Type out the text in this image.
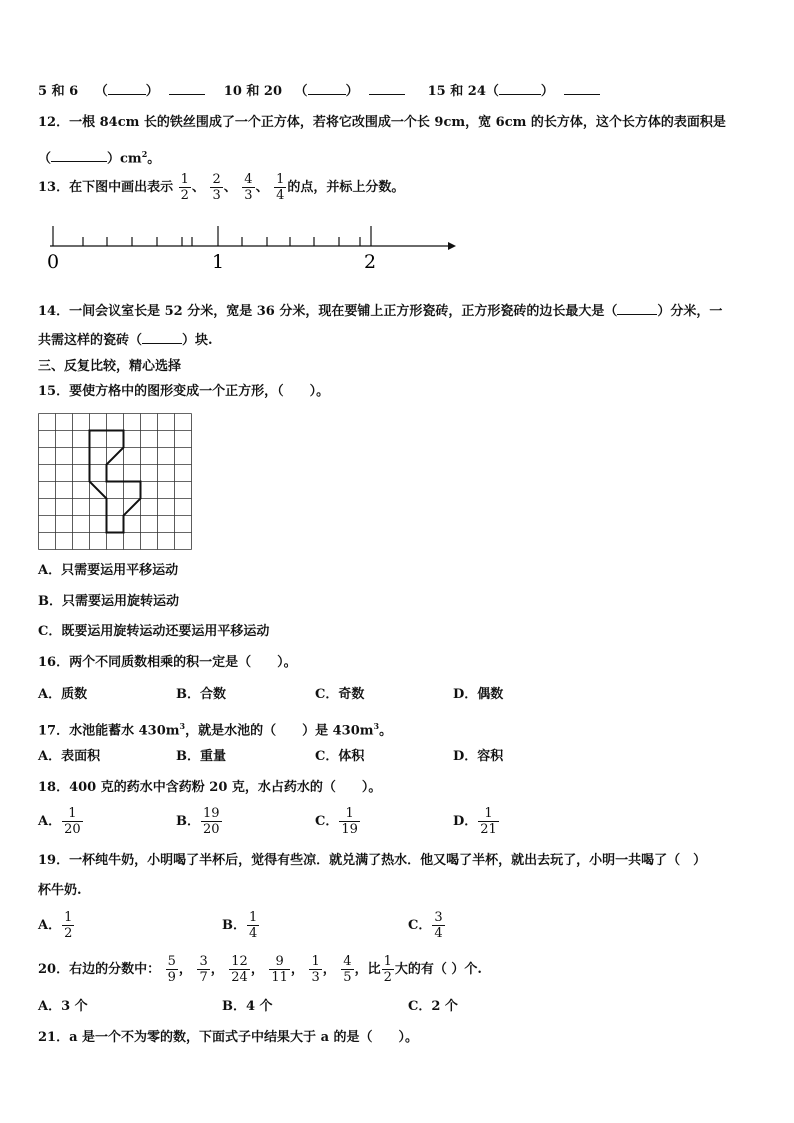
5 和 6 （	）	10 和 20 （	）	15 和 24（	）
12．一根 84cm 长的铁丝围成了一个正方体，若将它改围成一个长 9cm，宽 6cm 的长方体，这个长方体的表面积是
（	）$cm^2$。
13．在下图中画出表示 $\frac{1}{2}$ 、 $\frac{2}{3}$ 、 $\frac{4}{3}$ 、 $\frac{1}{4}$ 的点，并标上分数。
0	1	2
14．一间会议室长是 52 分米，宽是 36 分米，现在要铺上正方形瓷砖，正方形瓷砖的边长最大是（	）分米，一
共需这样的瓷砖（	）块.
三、反复比较，精心选择
15．要使方格中的图形变成一个正方形，（　　）。
A．只需要运用平移运动
B．只需要运用旋转运动
C．既要运用旋转运动还要运用平移运动
16．两个不同质数相乘的积一定是（　　）。
A．质数	B．合数	C．奇数	D．偶数
17．水池能蓄水 $430m^3$，就是水池的（　　）是 $430m^3$。
A．表面积	B．重量	C．体积	D．容积
18．400 克的药水中含药粉 20 克，水占药水的（　　）。
A． $\frac{1}{20}$	B． $\frac{19}{20}$	C． $\frac{1}{19}$	D． $\frac{1}{21}$
19．一杯纯牛奶，小明喝了半杯后，觉得有些凉．就兑满了热水．他又喝了半杯，就出去玩了，小明一共喝了（　）
杯牛奶.
A． $\frac{1}{2}$	B． $\frac{1}{4}$	C． $\frac{3}{4}$
20．右边的分数中： $\frac{5}{9}$ ， $\frac{3}{7}$ ， $\frac{12}{24}$ ， $\frac{9}{11}$ ， $\frac{1}{3}$ ， $\frac{4}{5}$ ，比 $\frac{1}{2}$ 大的有（ ）个.
A．3 个	B．4 个	C．2 个
21．a 是一个不为零的数，下面式子中结果大于 a 的是（　　）。
